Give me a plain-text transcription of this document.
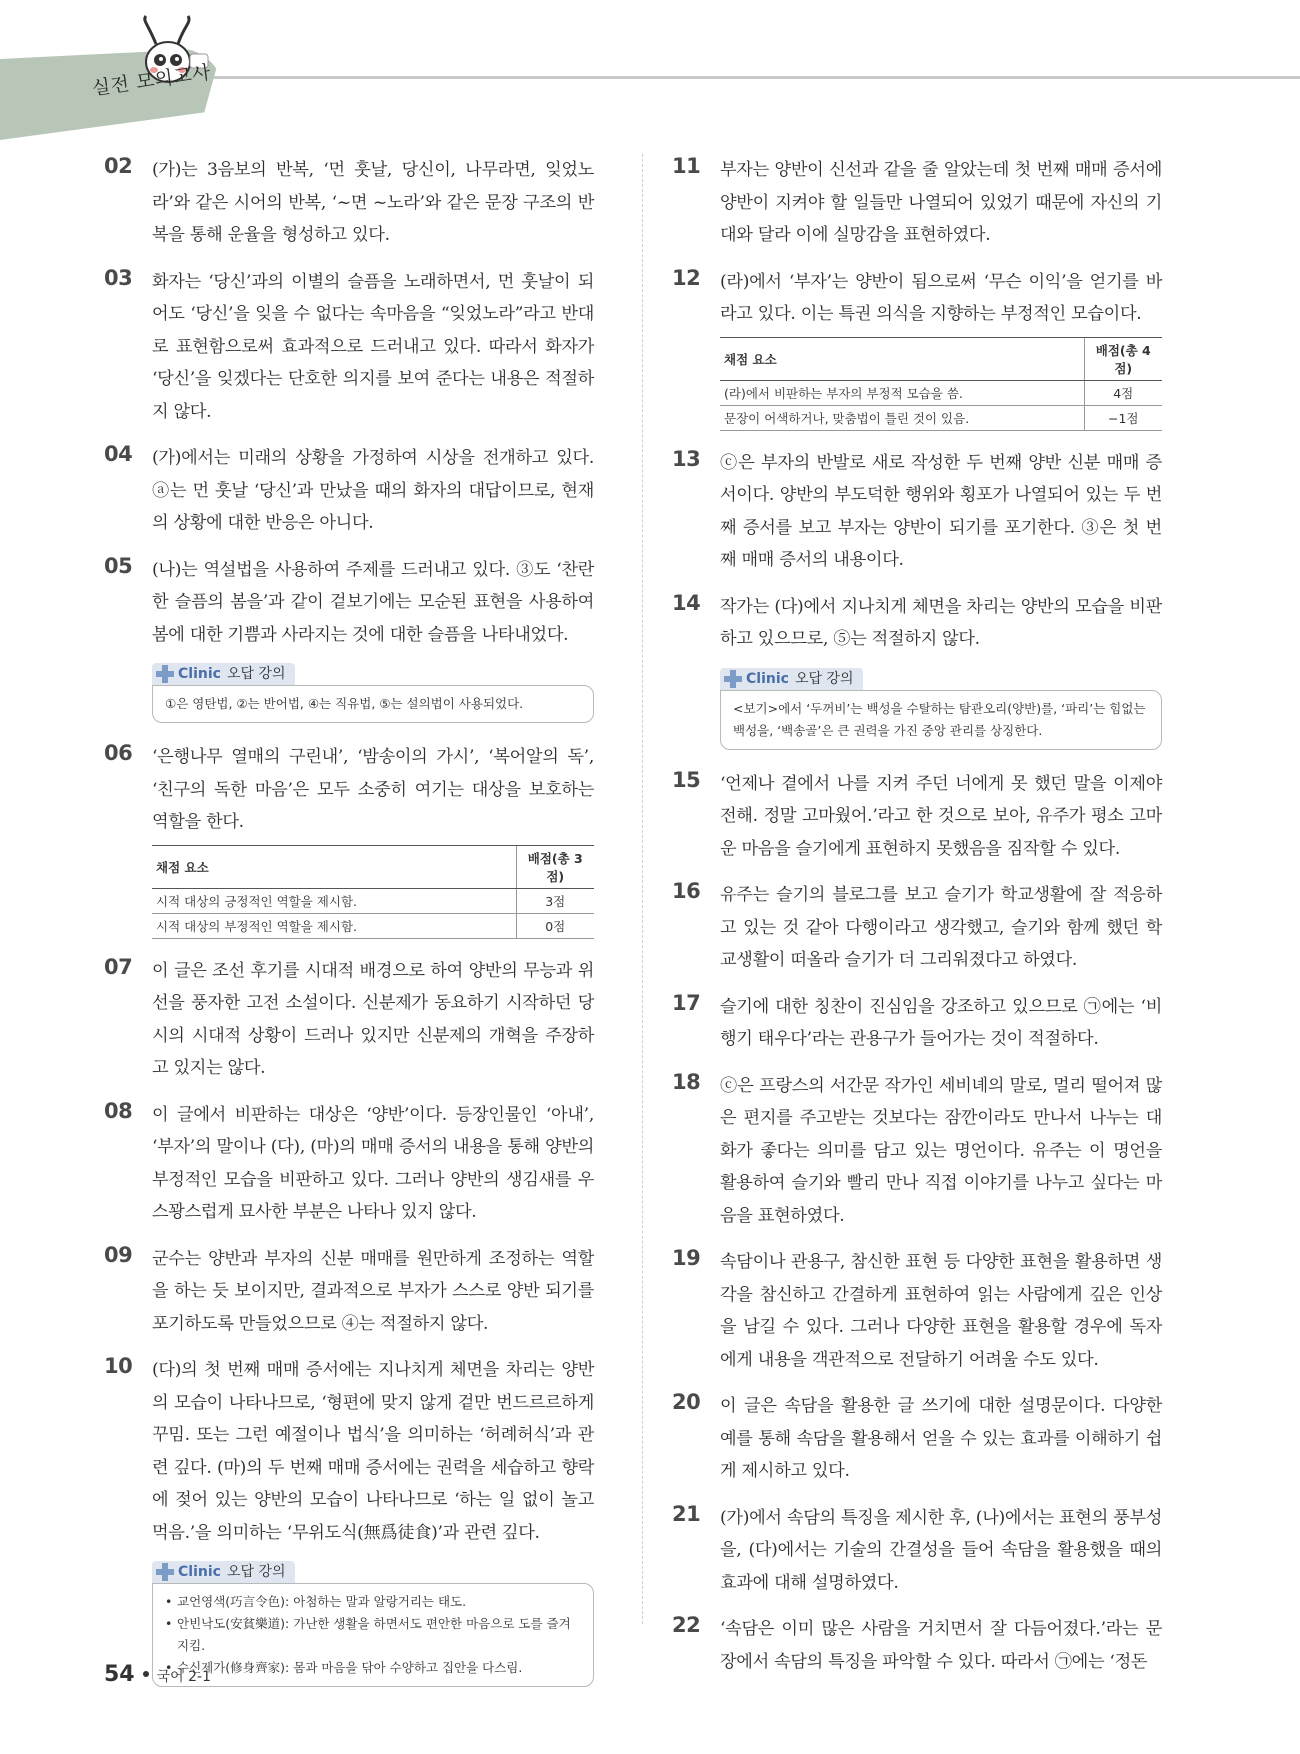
실전 모의고사
02 (가)는 3음보의 반복, ‘먼 훗날, 당신이, 나무라면, 잊었노라’와 같은 시어의 반복, ‘~면 ~노라’와 같은 문장 구조의 반복을 통해 운율을 형성하고 있다.

03 화자는 ‘당신’과의 이별의 슬픔을 노래하면서, 먼 훗날이 되어도 ‘당신’을 잊을 수 없다는 속마음을 “잊었노라”라고 반대로 표현함으로써 효과적으로 드러내고 있다. 따라서 화자가 ‘당신’을 잊겠다는 단호한 의지를 보여 준다는 내용은 적절하지 않다.

04 (가)에서는 미래의 상황을 가정하여 시상을 전개하고 있다. ⓐ는 먼 훗날 ‘당신’과 만났을 때의 화자의 대답이므로, 현재의 상황에 대한 반응은 아니다.

05 (나)는 역설법을 사용하여 주제를 드러내고 있다. ③도 ‘찬란한 슬픔의 봄을’과 같이 겉보기에는 모순된 표현을 사용하여 봄에 대한 기쁨과 사라지는 것에 대한 슬픔을 나타내었다.

Clinic 오답 강의
①은 영탄법, ②는 반어법, ④는 직유법, ⑤는 설의법이 사용되었다.
06 ‘은행나무 열매의 구린내’, ‘밤송이의 가시’, ‘복어알의 독’, ‘친구의 독한 마음’은 모두 소중히 여기는 대상을 보호하는 역할을 한다.

채점 요소	배점(총 3점)
시적 대상의 긍정적인 역할을 제시함.	3점
시적 대상의 부정적인 역할을 제시함.	0점
07 이 글은 조선 후기를 시대적 배경으로 하여 양반의 무능과 위선을 풍자한 고전 소설이다. 신분제가 동요하기 시작하던 당시의 시대적 상황이 드러나 있지만 신분제의 개혁을 주장하고 있지는 않다.

08 이 글에서 비판하는 대상은 ‘양반’이다. 등장인물인 ‘아내’, ‘부자’의 말이나 (다), (마)의 매매 증서의 내용을 통해 양반의 부정적인 모습을 비판하고 있다. 그러나 양반의 생김새를 우스꽝스럽게 묘사한 부분은 나타나 있지 않다.

09 군수는 양반과 부자의 신분 매매를 원만하게 조정하는 역할을 하는 듯 보이지만, 결과적으로 부자가 스스로 양반 되기를 포기하도록 만들었으므로 ④는 적절하지 않다.

10 (다)의 첫 번째 매매 증서에는 지나치게 체면을 차리는 양반의 모습이 나타나므로, ‘형편에 맞지 않게 겉만 번드르르하게 꾸밈. 또는 그런 예절이나 법식’을 의미하는 ‘허례허식’과 관련 깊다. (마)의 두 번째 매매 증서에는 권력을 세습하고 향락에 젖어 있는 양반의 모습이 나타나므로 ‘하는 일 없이 놀고먹음.’을 의미하는 ‘무위도식(無爲徒食)’과 관련 깊다.

Clinic 오답 강의
• 교언영색(巧言令色): 아첨하는 말과 알랑거리는 태도.
• 안빈낙도(安貧樂道): 가난한 생활을 하면서도 편안한 마음으로 도를 즐겨 지킴.
• 수신제가(修身齊家): 몸과 마음을 닦아 수양하고 집안을 다스림.
11 부자는 양반이 신선과 같을 줄 알았는데 첫 번째 매매 증서에 양반이 지켜야 할 일들만 나열되어 있었기 때문에 자신의 기대와 달라 이에 실망감을 표현하였다.

12 (라)에서 ‘부자’는 양반이 됨으로써 ‘무슨 이익’을 얻기를 바라고 있다. 이는 특권 의식을 지향하는 부정적인 모습이다.

채점 요소	배점(총 4점)
(라)에서 비판하는 부자의 부정적 모습을 씀.	4점
문장이 어색하거나, 맞춤법이 틀린 것이 있음.	−1점
13 ⓒ은 부자의 반발로 새로 작성한 두 번째 양반 신분 매매 증서이다. 양반의 부도덕한 행위와 횡포가 나열되어 있는 두 번째 증서를 보고 부자는 양반이 되기를 포기한다. ③은 첫 번째 매매 증서의 내용이다.

14 작가는 (다)에서 지나치게 체면을 차리는 양반의 모습을 비판하고 있으므로, ⑤는 적절하지 않다.

Clinic 오답 강의
<보기>에서 ‘두꺼비’는 백성을 수탈하는 탐관오리(양반)를, ‘파리’는 힘없는 백성을, ‘백송골’은 큰 권력을 가진 중앙 관리를 상징한다.
15 ‘언제나 곁에서 나를 지켜 주던 너에게 못 했던 말을 이제야 전해. 정말 고마웠어.’라고 한 것으로 보아, 유주가 평소 고마운 마음을 슬기에게 표현하지 못했음을 짐작할 수 있다.

16 유주는 슬기의 블로그를 보고 슬기가 학교생활에 잘 적응하고 있는 것 같아 다행이라고 생각했고, 슬기와 함께 했던 학교생활이 떠올라 슬기가 더 그리워졌다고 하였다.

17 슬기에 대한 칭찬이 진심임을 강조하고 있으므로 ㉠에는 ‘비행기 태우다’라는 관용구가 들어가는 것이 적절하다.

18 ⓒ은 프랑스의 서간문 작가인 세비녜의 말로, 멀리 떨어져 많은 편지를 주고받는 것보다는 잠깐이라도 만나서 나누는 대화가 좋다는 의미를 담고 있는 명언이다. 유주는 이 명언을 활용하여 슬기와 빨리 만나 직접 이야기를 나누고 싶다는 마음을 표현하였다.

19 속담이나 관용구, 참신한 표현 등 다양한 표현을 활용하면 생각을 참신하고 간결하게 표현하여 읽는 사람에게 깊은 인상을 남길 수 있다. 그러나 다양한 표현을 활용할 경우에 독자에게 내용을 객관적으로 전달하기 어려울 수도 있다.

20 이 글은 속담을 활용한 글 쓰기에 대한 설명문이다. 다양한 예를 통해 속담을 활용해서 얻을 수 있는 효과를 이해하기 쉽게 제시하고 있다.

21 (가)에서 속담의 특징을 제시한 후, (나)에서는 표현의 풍부성을, (다)에서는 기술의 간결성을 들어 속담을 활용했을 때의 효과에 대해 설명하였다.

22 ‘속담은 이미 많은 사람을 거치면서 잘 다듬어졌다.’라는 문장에서 속담의 특징을 파악할 수 있다. 따라서 ㉠에는 ‘정돈

54 국어 2-1
